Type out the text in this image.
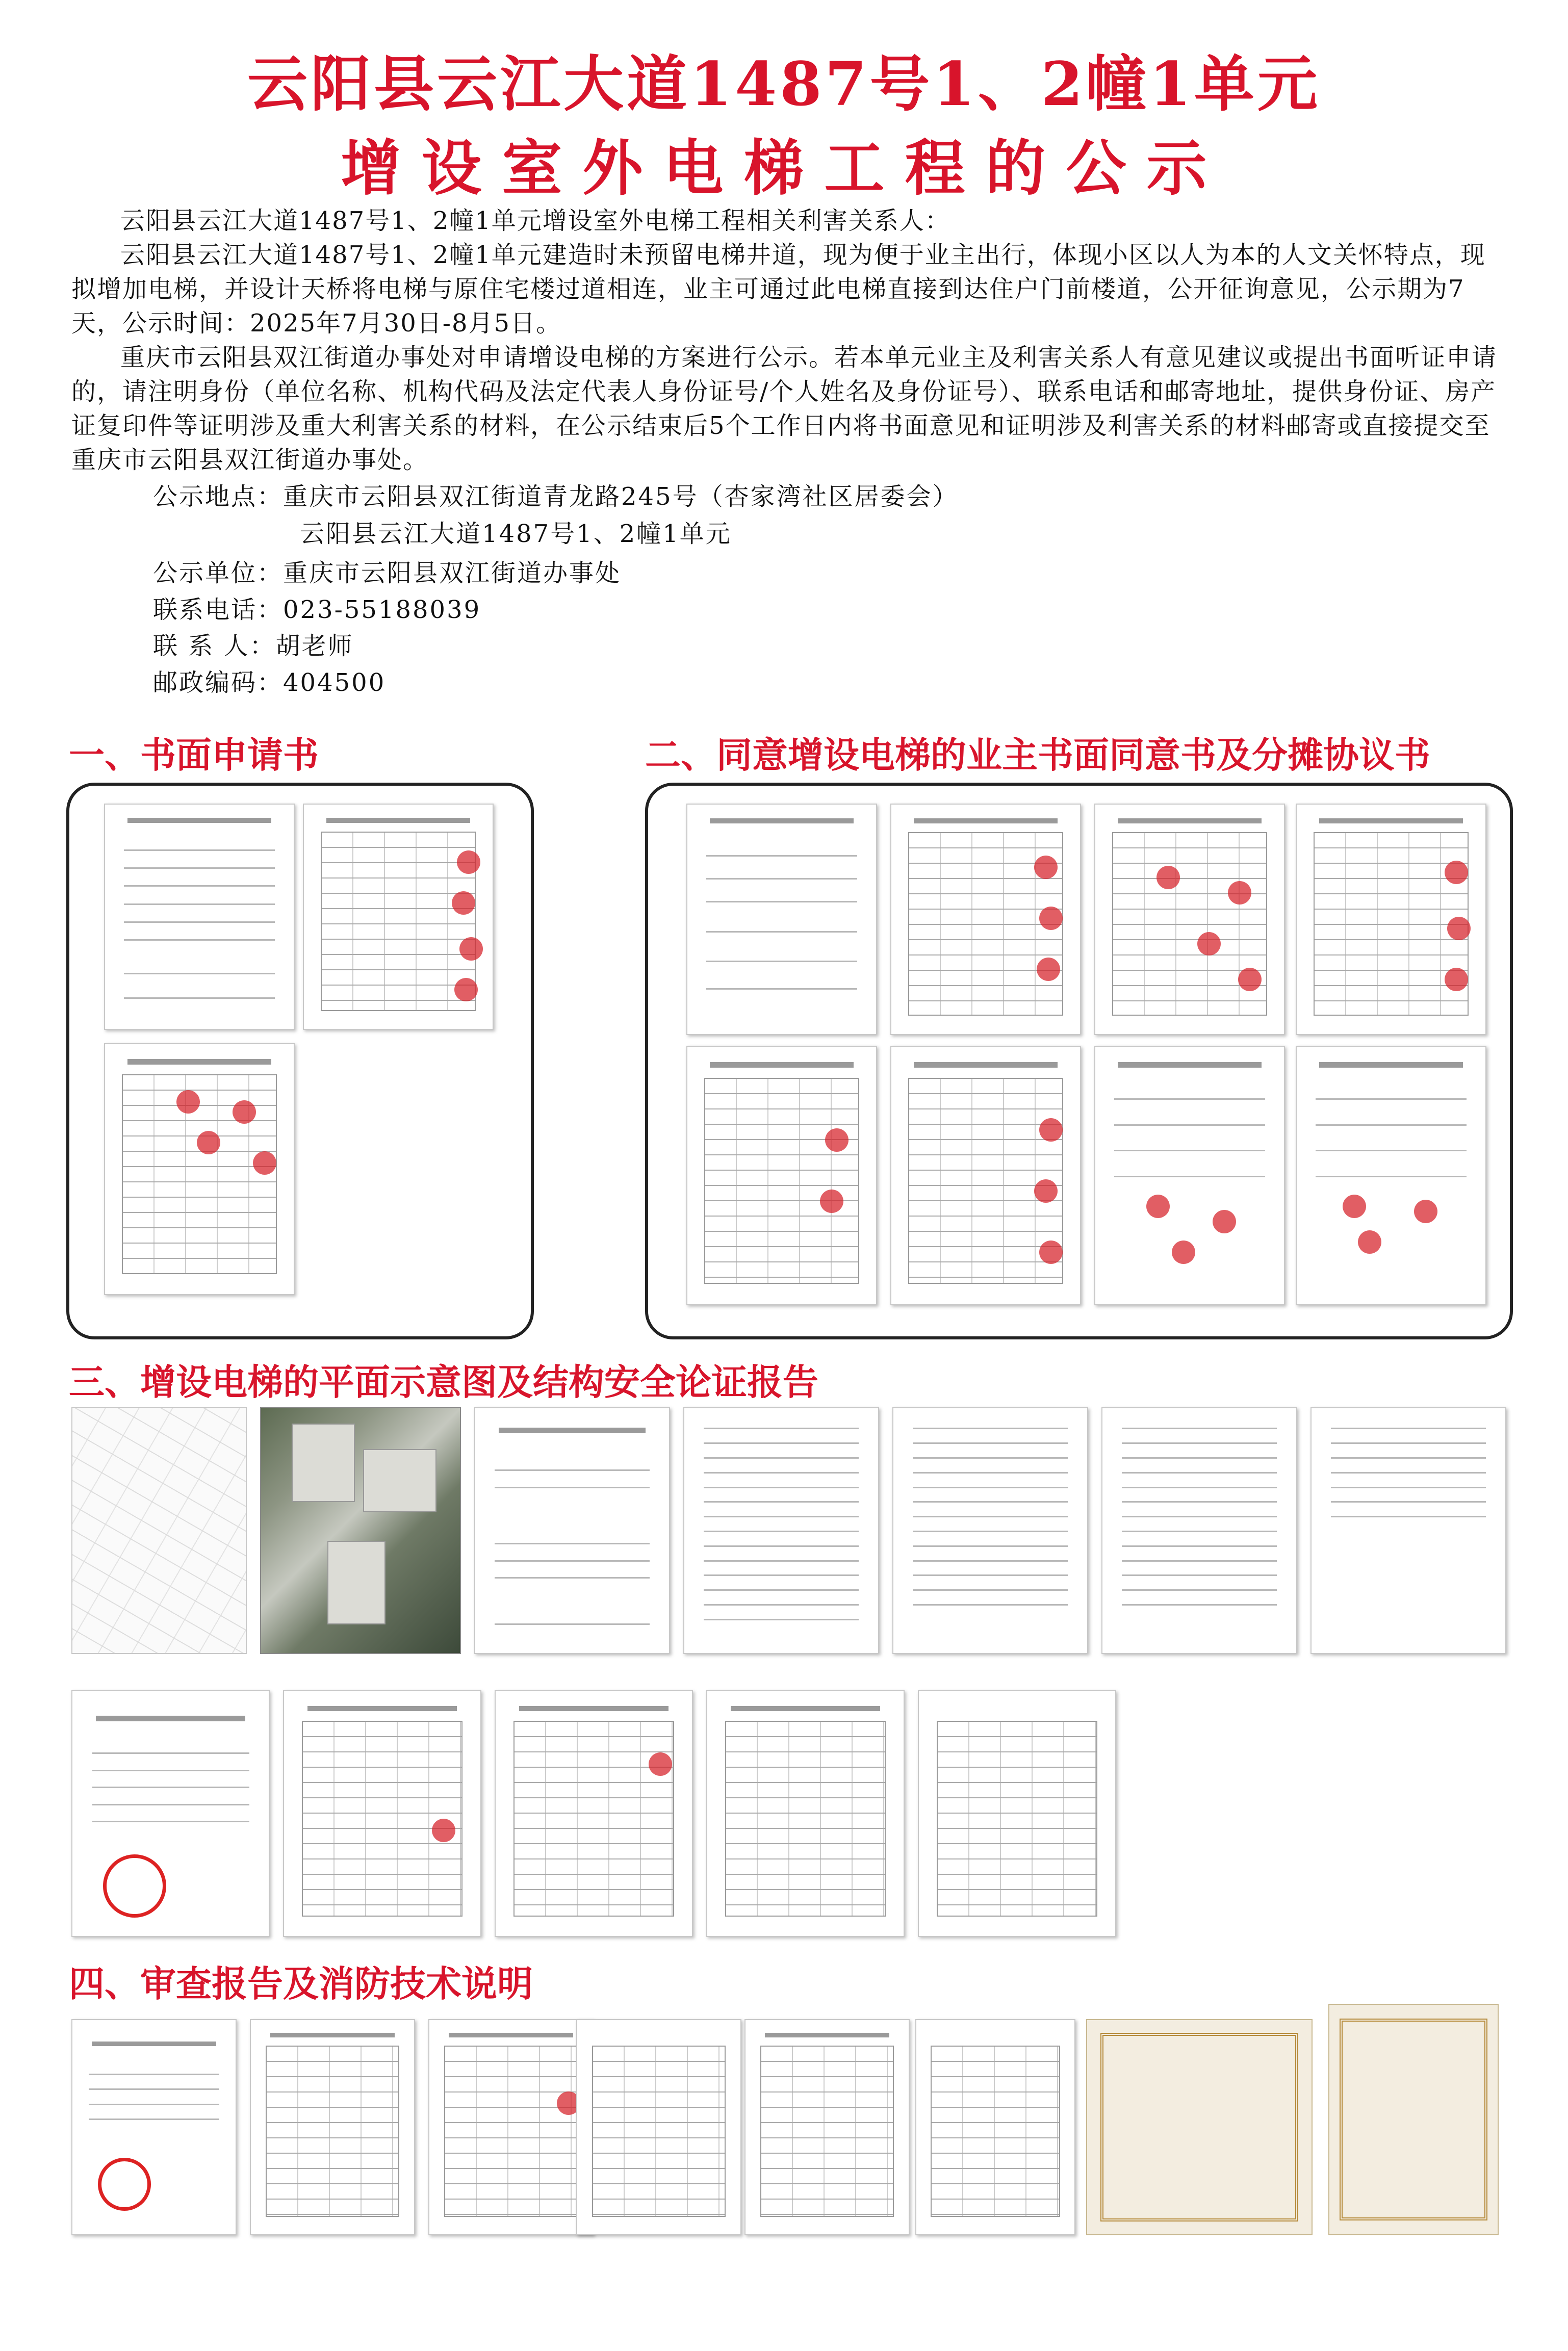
云阳县云江大道1487号1、2幢1单元
增设室外电梯工程的公示

云阳县云江大道1487号1、2幢1单元增设室外电梯工程相关利害关系人：

云阳县云江大道1487号1、2幢1单元建造时未预留电梯井道，现为便于业主出行，体现小区以人为本的人文关怀特点，现拟增加电梯，并设计天桥将电梯与原住宅楼过道相连，业主可通过此电梯直接到达住户门前楼道，公开征询意见，公示期为7天，公示时间：2025年7月30日-8月5日。

重庆市云阳县双江街道办事处对申请增设电梯的方案进行公示。若本单元业主及利害关系人有意见建议或提出书面听证申请的，请注明身份（单位名称、机构代码及法定代表人身份证号/个人姓名及身份证号）、联系电话和邮寄地址，提供身份证、房产证复印件等证明涉及重大利害关系的材料，在公示结束后5个工作日内将书面意见和证明涉及利害关系的材料邮寄或直接提交至重庆市云阳县双江街道办事处。

公示地点：重庆市云阳县双江街道青龙路245号（杏家湾社区居委会）
云阳县云江大道1487号1、2幢1单元
公示单位：重庆市云阳县双江街道办事处
联系电话：023-55188039
联 系 人：胡老师
邮政编码：404500
一、书面申请书	二、同意增设电梯的业主书面同意书及分摊协议书
三、增设电梯的平面示意图及结构安全论证报告
四、审查报告及消防技术说明
